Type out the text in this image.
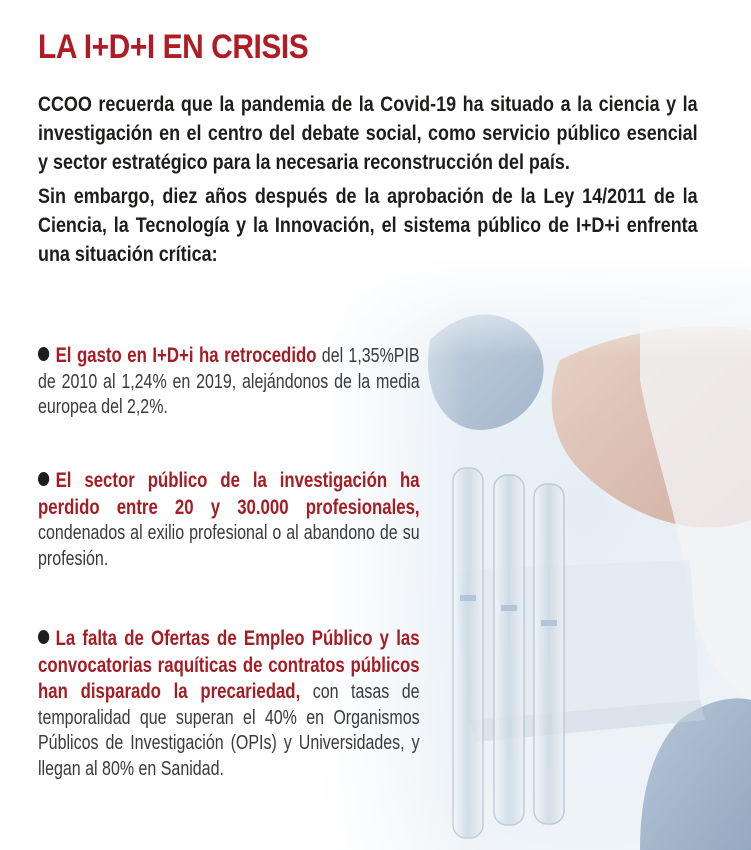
LA I+D+I EN CRISIS

CCOO recuerda que la pandemia de la Covid-19 ha situado a la ciencia y la investigación en el centro del debate social, como servicio público esencial y sector estratégico para la necesaria reconstrucción del país.

Sin embargo, diez años después de la aprobación de la Ley 14/2011 de la Ciencia, la Tecnología y la Innovación, el sistema público de I+D+i enfrenta una situación crítica:

El gasto en I+D+i ha retrocedido del 1,35%PIB de 2010 al 1,24% en 2019, alejándonos de la media europea del 2,2%.
El sector público de la investigación ha perdido entre 20 y 30.000 profesionales, condenados al exilio profesional o al abandono de su profesión.
La falta de Ofertas de Empleo Público y las convocatorias raquíticas de contratos públicos han disparado la precariedad, con tasas de temporalidad que superan el 40% en Organismos Públicos de Investigación (OPIs) y Universidades, y llegan al 80% en Sanidad.
